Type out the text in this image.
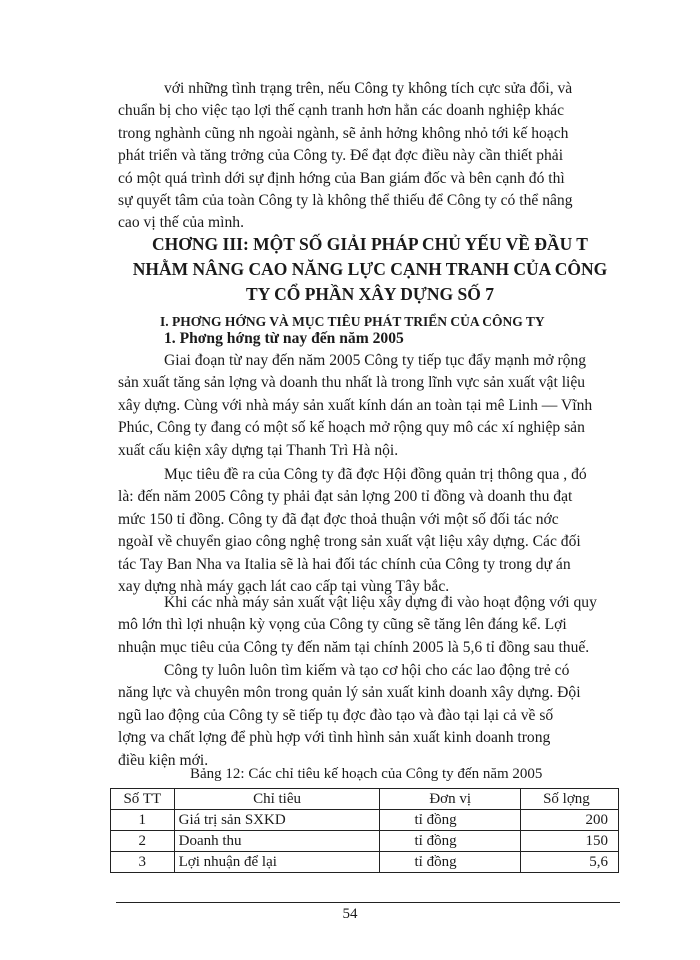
với những tình trạng trên, nếu Công ty không tích cực sửa đổi, và
chuẩn bị cho việc tạo lợi thế cạnh tranh hơn hẳn các doanh nghiệp khác
trong nghành cũng nh ngoài ngành, sẽ ảnh hởng không nhỏ tới kế hoạch
phát triển và tăng trởng của Công ty. Để đạt đợc điều này cần thiết phải
có một quá trình dới sự định hớng của Ban giám đốc và bên cạnh đó thì
sự quyết tâm của toàn Công ty là không thể thiếu để Công ty có thể nâng
cao vị thế của mình.

CHƠNG III: MỘT SỐ GIẢI PHÁP CHỦ YẾU VỀ ĐẦU T
NHẰM NÂNG CAO NĂNG LỰC CẠNH TRANH CỦA CÔNG
TY CỔ PHẦN XÂY DỰNG SỐ 7
I. PHƠNG HỚNG VÀ MỤC TIÊU PHÁT TRIỂN CỦA CÔNG TY
1. Phơng hớng từ nay đến năm 2005

Giai đoạn từ nay đến năm 2005 Công ty tiếp tục đẩy mạnh mở rộng
sản xuất tăng sản lợng và doanh thu nhất là trong lĩnh vực sản xuất vật liệu
xây dựng. Cùng với nhà máy sản xuất kính dán an toàn tại mê Linh — Vĩnh
Phúc, Công ty đang có một số kế hoạch mở rộng quy mô các xí nghiệp sản
xuất cấu kiện xây dựng tại Thanh Trì Hà nội.

Mục tiêu đề ra của Công ty đã đợc Hội đồng quản trị thông qua , đó
là: đến năm 2005 Công ty phải đạt sản lợng 200 tỉ đồng và doanh thu đạt
mức 150 tỉ đồng. Công ty đã đạt đợc thoả thuận với một số đối tác nớc
ngoàI về chuyển giao công nghệ trong sản xuất vật liệu xây dựng. Các đối
tác Tay Ban Nha va Italia sẽ là hai đối tác chính của Công ty trong dự án
xay dựng nhà máy gạch lát cao cấp tại vùng Tây bắc.

Khi các nhà máy sản xuất vật liệu xây dựng đi vào hoạt động với quy
mô lớn thì lợi nhuận kỳ vọng của Công ty cũng sẽ tăng lên đáng kể. Lợi
nhuận mục tiêu của Công ty đến năm tại chính 2005 là 5,6 tỉ đồng sau thuế.

Công ty luôn luôn tìm kiếm và tạo cơ hội cho các lao động trẻ có
năng lực và chuyên môn trong quản lý sản xuất kinh doanh xây dựng. Đội
ngũ lao động của Công ty sẽ tiếp tụ đợc đào tạo và đào tại lại cả về số
lợng va chất lợng để phù hợp với tình hình sản xuất kinh doanh trong
điều kiện mới.

Bảng 12: Các chỉ tiêu kế hoạch của Công ty đến năm 2005
Số TT	Chỉ tiêu	Đơn vị	Số lợng
1	Giá trị sản SXKD	tỉ đồng	200
2	Doanh thu	tỉ đồng	150
3	Lợi nhuận để lại	tỉ đồng	5,6
54
